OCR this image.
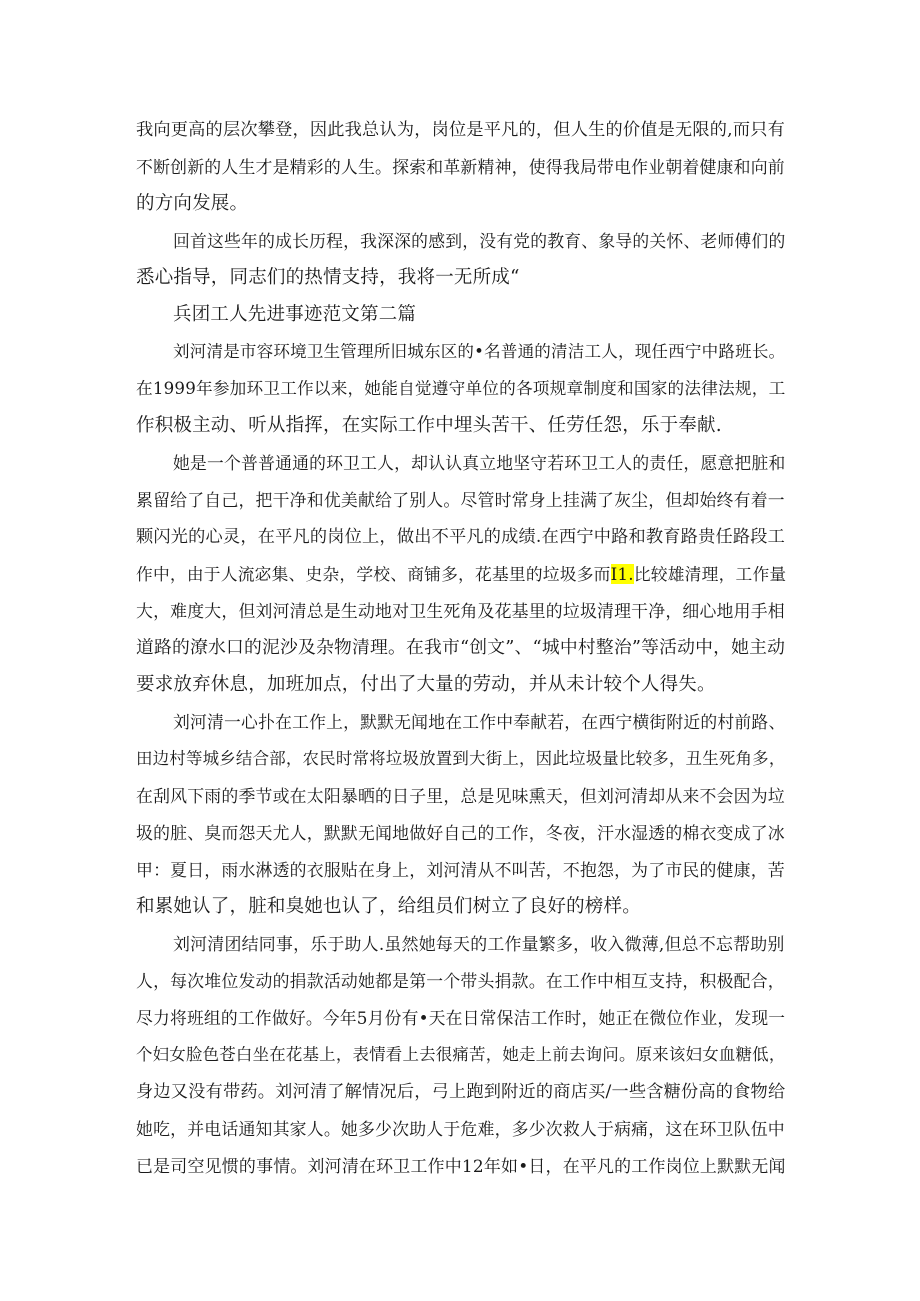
我向更高的层次攀登，因此我总认为，岗位是平凡的，但人生的价值是无限的,而只有
不断创新的人生才是精彩的人生。探索和革新精神，使得我局带电作业朝着健康和向前
的方向发展。
回首这些年的成长历程，我深深的感到，没有党的教育、象导的关怀、老师傅们的
悉心指导，同志们的热情支持，我将一无所成“
兵团工人先进事迹范文第二篇
刘河清是市容环境卫生管理所旧城东区的•名普通的清洁工人，现任西宁中路班长。
在1999年参加环卫工作以来，她能自觉遵守单位的各项规章制度和国家的法律法规，工
作积极主动、听从指挥，在实际工作中埋头苦干、任劳任怨，乐于奉献.
她是一个普普通通的环卫工人，却认认真立地坚守若环卫工人的责任，愿意把脏和
累留给了自己，把干净和优美献给了别人。尽管时常身上挂满了灰尘，但却始终有着一
颗闪光的心灵，在平凡的岗位上，做出不平凡的成绩.在西宁中路和教育路贵任路段工
作中，由于人流宓集、史杂，学校、商铺多，花基里的垃圾多而I1.比较雄清理，工作量
大，难度大，但刘河清总是生动地对卫生死角及花基里的垃圾清理干净，细心地用手相
道路的潦水口的泥沙及杂物清理。在我市“创文”、“城中村整治”等活动中，她主动
要求放弃休息，加班加点，付出了大量的劳动，并从未计较个人得失。
刘河清一心扑在工作上，默默无闻地在工作中奉献若，在西宁横街附近的村前路、
田边村等城乡结合部，农民时常将垃圾放置到大街上，因此垃圾量比较多，丑生死角多，
在刮风下雨的季节或在太阳暴晒的日子里，总是见味熏天，但刘河清却从来不会因为垃
圾的脏、臭而怨天尤人，默默无闻地做好自己的工作，冬夜，汗水湿透的棉衣变成了冰
甲：夏日，雨水淋透的衣服贴在身上，刘河清从不叫苦，不抱怨，为了市民的健康，苦
和累她认了，脏和臭她也认了，给组员们树立了良好的榜样。
刘河清团结同事，乐于助人.虽然她每天的工作量繁多，收入微薄,但总不忘帮助别
人，每次堆位发动的捐款活动她都是第一个带头捐款。在工作中相互支持，积极配合，
尽力将班组的工作做好。今年5月份有•天在日常保洁工作时，她正在微位作业，发现一
个妇女脸色苍白坐在花基上，表情看上去很痛苦，她走上前去询问。原来该妇女血糖低，
身边又没有带药。刘河清了解情况后，弓上跑到附近的商店买/一些含糖份高的食物给
她吃，并电话通知其家人。她多少次助人于危难，多少次救人于病痛，这在环卫队伍中
已是司空见惯的事情。刘河清在环卫工作中12年如•日，在平凡的工作岗位上默默无闻
